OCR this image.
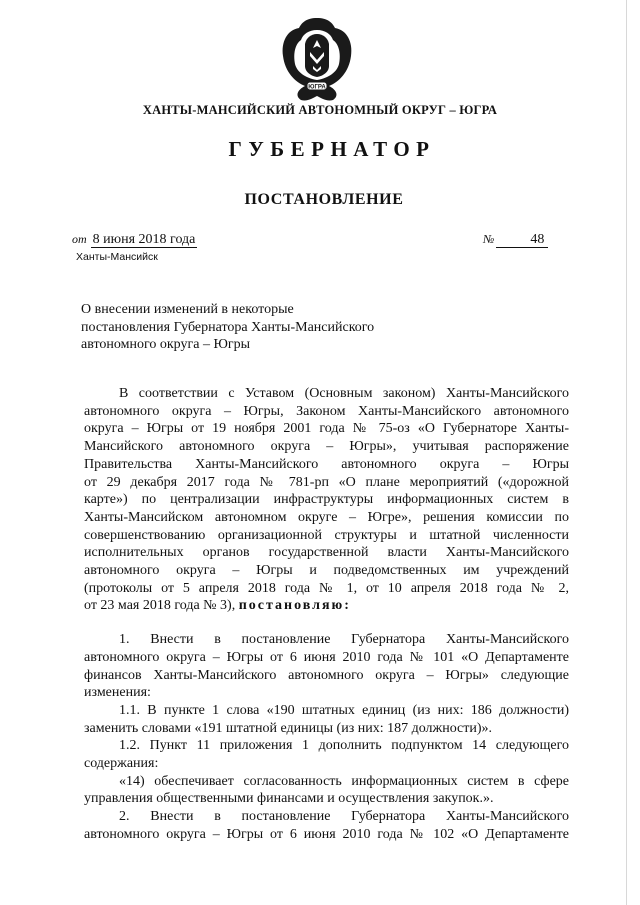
ЮГРА
ХАНТЫ-МАНСИЙСКИЙ АВТОНОМНЫЙ ОКРУГ – ЮГРА
ГУБЕРНАТОР
ПОСТАНОВЛЕНИЕ
от 8 июня 2018 года	№	48
Ханты-Мансийск
О внесении изменений в некоторые
постановления Губернатора Ханты-Мансийского
автономного округа – Югры
В соответствии с Уставом (Основным законом) Ханты-Мансийского
автономного округа – Югры, Законом Ханты-Мансийского автономного
округа – Югры от 19 ноября 2001 года № 75-оз «О Губернаторе Ханты-
Мансийского автономного округа – Югры», учитывая распоряжение
Правительства Ханты-Мансийского автономного округа – Югры
от 29 декабря 2017 года № 781-рп «О плане мероприятий («дорожной
карте») по централизации инфраструктуры информационных систем в
Ханты-Мансийском автономном округе – Югре», решения комиссии по
совершенствованию организационной структуры и штатной численности
исполнительных органов государственной власти Ханты-Мансийского
автономного округа – Югры и подведомственных им учреждений
(протоколы от 5 апреля 2018 года № 1, от 10 апреля 2018 года № 2,
от 23 мая 2018 года № 3), постановляю:
1. Внести в постановление Губернатора Ханты-Мансийского
автономного округа – Югры от 6 июня 2010 года № 101 «О Департаменте
финансов Ханты-Мансийского автономного округа – Югры» следующие
изменения:
1.1. В пункте 1 слова «190 штатных единиц (из них: 186 должности)
заменить словами «191 штатной единицы (из них: 187 должности)».
1.2. Пункт 11 приложения 1 дополнить подпунктом 14 следующего
содержания:
«14) обеспечивает согласованность информационных систем в сфере
управления общественными финансами и осуществления закупок.».
2. Внести в постановление Губернатора Ханты-Мансийского
автономного округа – Югры от 6 июня 2010 года № 102 «О Департаменте
